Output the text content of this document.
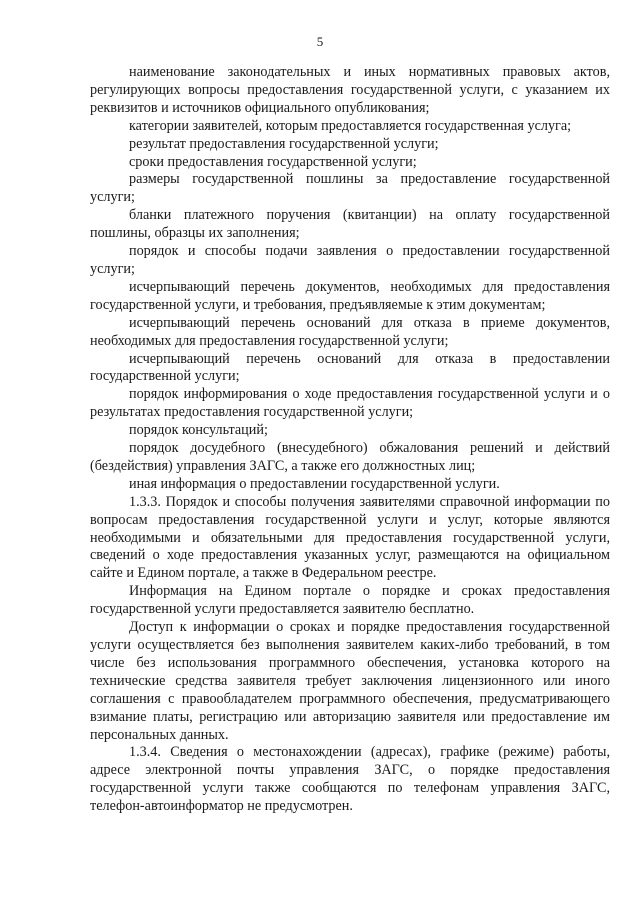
5

наименование законодательных и иных нормативных правовых актов, регулирующих вопросы предоставления государственной услуги, с указанием их реквизитов и источников официального опубликования;

категории заявителей, которым предоставляется государственная услуга;

результат предоставления государственной услуги;

сроки предоставления государственной услуги;

размеры государственной пошлины за предоставление государственной услуги;

бланки платежного поручения (квитанции) на оплату государственной пошлины, образцы их заполнения;

порядок и способы подачи заявления о предоставлении государственной услуги;

исчерпывающий перечень документов, необходимых для предоставления государственной услуги, и требования, предъявляемые к этим документам;

исчерпывающий перечень оснований для отказа в приеме документов, необходимых для предоставления государственной услуги;

исчерпывающий перечень оснований для отказа в предоставлении государственной услуги;

порядок информирования о ходе предоставления государственной услуги и о результатах предоставления государственной услуги;

порядок консультаций;

порядок досудебного (внесудебного) обжалования решений и действий (бездействия) управления ЗАГС, а также его должностных лиц;

иная информация о предоставлении государственной услуги.

1.3.3. Порядок и способы получения заявителями справочной информации по вопросам предоставления государственной услуги и услуг, которые являются необходимыми и обязательными для предоставления государственной услуги, сведений о ходе предоставления указанных услуг, размещаются на официальном сайте и Едином портале, а также в Федеральном реестре.

Информация на Едином портале о порядке и сроках предоставления государственной услуги предоставляется заявителю бесплатно.

Доступ к информации о сроках и порядке предоставления государственной услуги осуществляется без выполнения заявителем каких-либо требований, в том числе без использования программного обеспечения, установка которого на технические средства заявителя требует заключения лицензионного или иного соглашения с правообладателем программного обеспечения, предусматривающего взимание платы, регистрацию или авторизацию заявителя или предоставление им персональных данных.

1.3.4. Сведения о местонахождении (адресах), графике (режиме) работы, адресе электронной почты управления ЗАГС, о порядке предоставления государственной услуги также сообщаются по телефонам управления ЗАГС, телефон-автоинформатор не предусмотрен.
